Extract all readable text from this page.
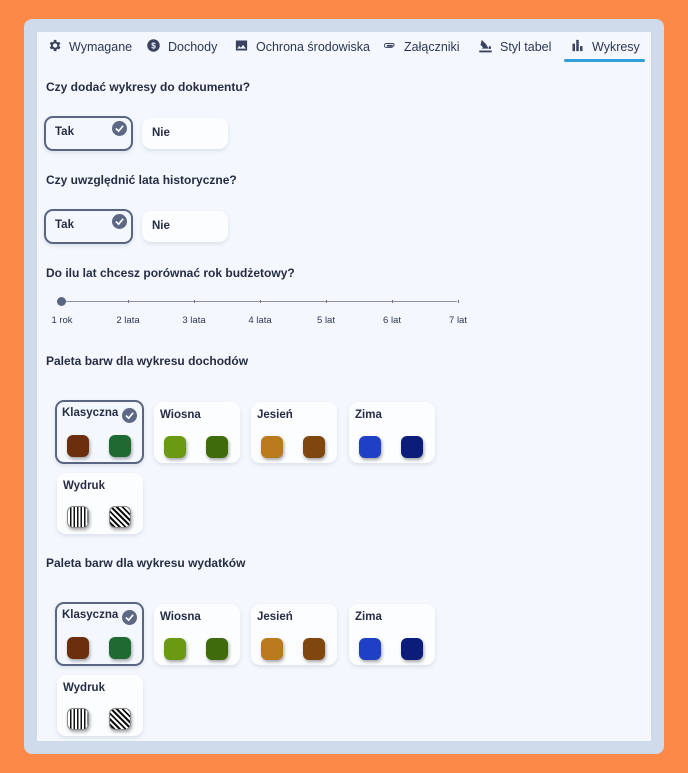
Wymagane $ Dochody	Ochrona środowiska	Załączniki	Styl tabel	Wykresy
Czy dodać wykresy do dokumentu?
Tak	Nie
Czy uwzględnić lata historyczne?
Tak	Nie
Do ilu lat chcesz porównać rok budżetowy?
1 rok	2 lata	3 lata	4 lata	5 lat	6 lat	7 lat
Paleta barw dla wykresu dochodów
Klasyczna	Wiosna	Jesień	Zima
Wydruk
Paleta barw dla wykresu wydatków
Klasyczna	Wiosna	Jesień	Zima
Wydruk
